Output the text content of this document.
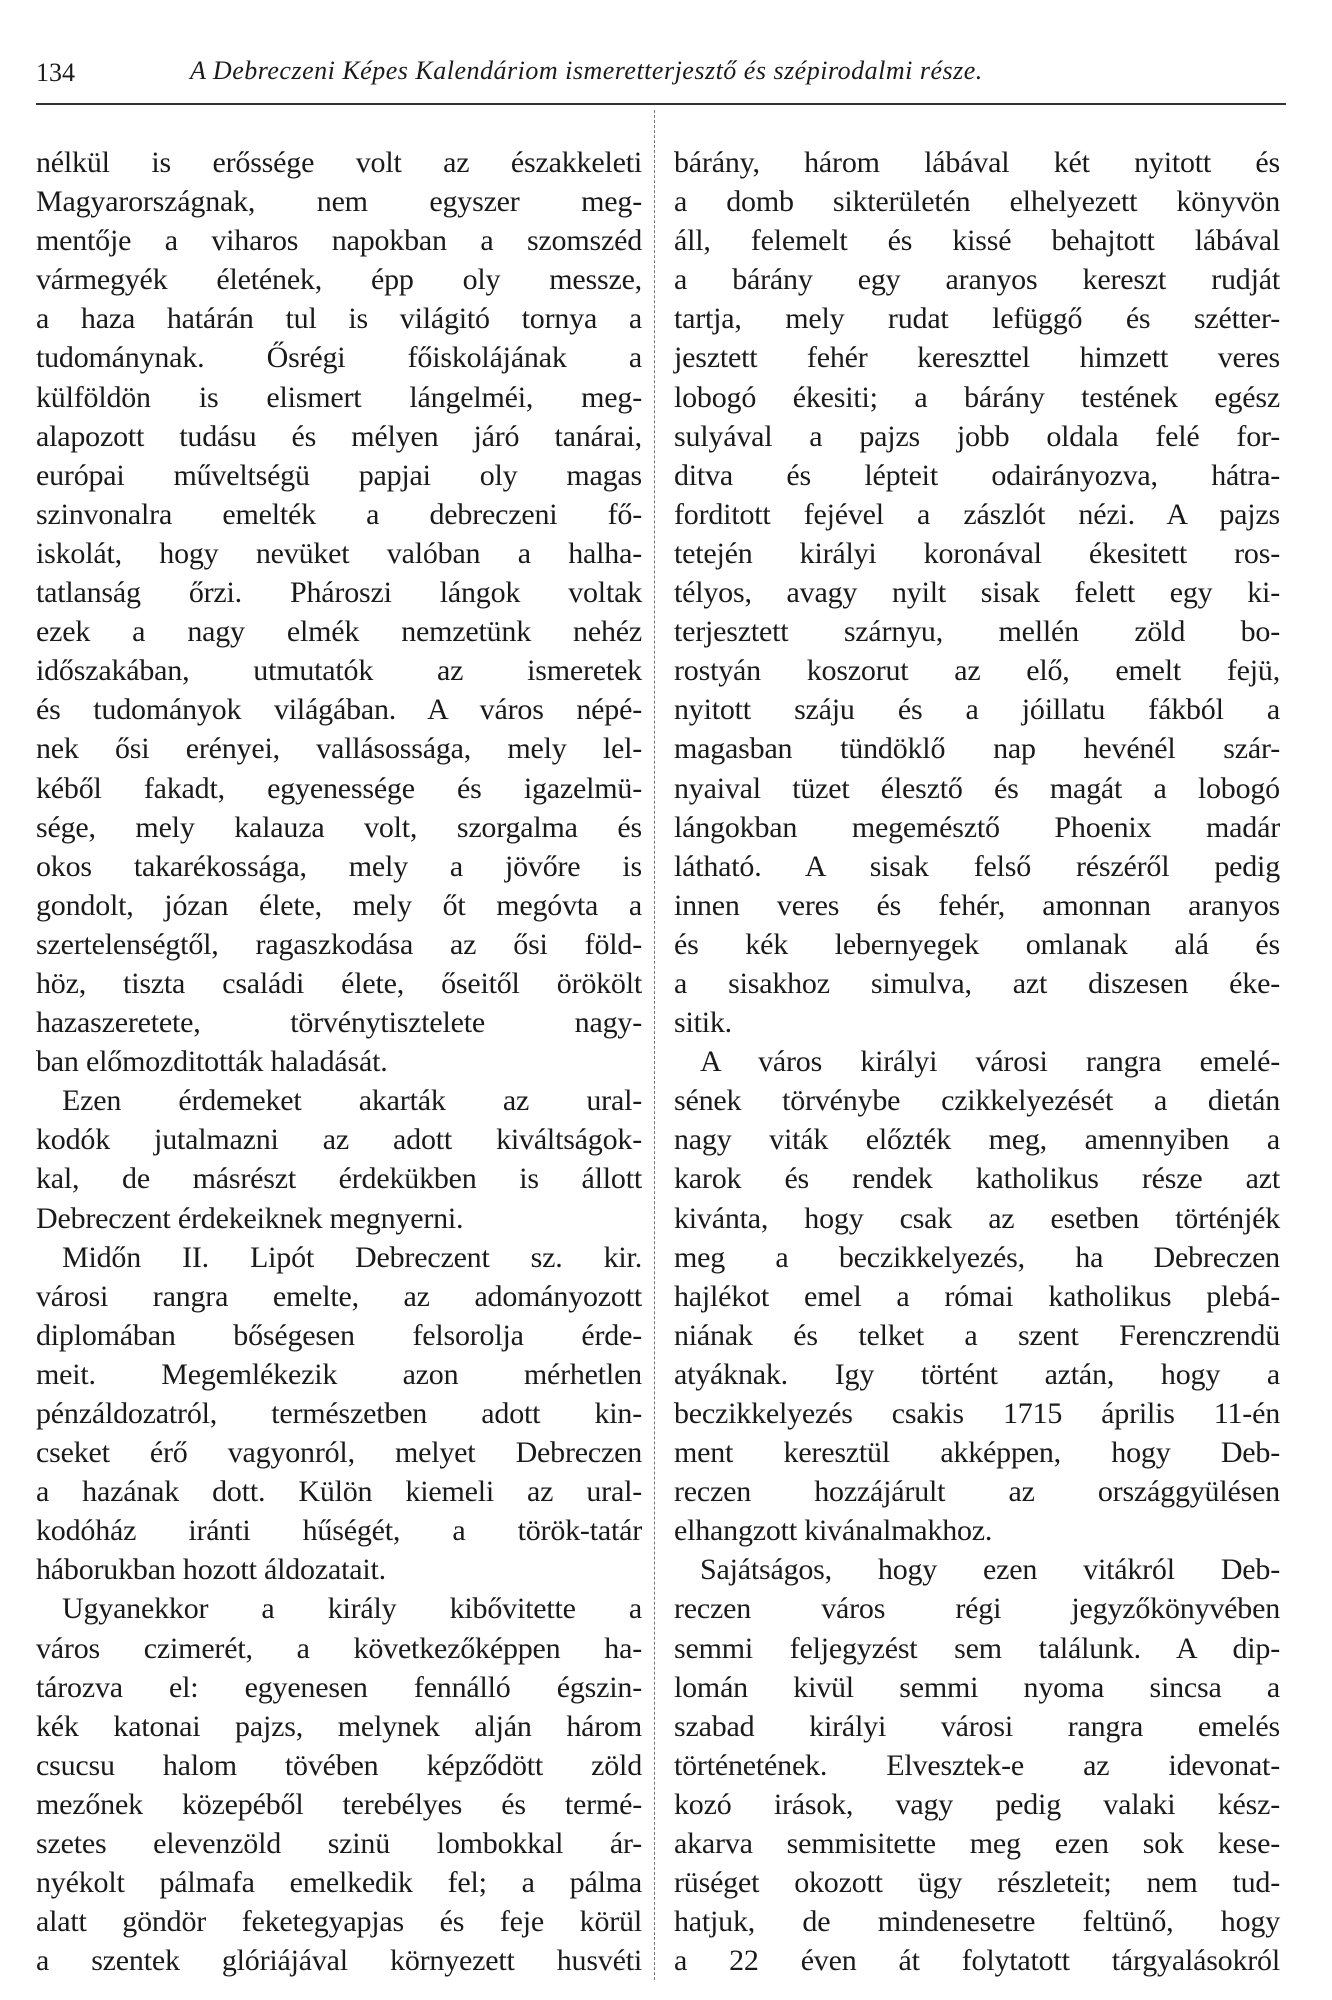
134	A Debreczeni Képes Kalendáriom ismeretterjesztő és szépirodalmi része.
nélkül is erőssége volt az északkeleti
Magyarországnak, nem egyszer meg-
mentője a viharos napokban a szomszéd
vármegyék életének, épp oly messze,
a haza határán tul is világitó tornya a
tudománynak. Ősrégi főiskolájának a
külföldön is elismert lángelméi, meg-
alapozott tudásu és mélyen járó tanárai,
európai műveltségü papjai oly magas
szinvonalra emelték a debreczeni fő-
iskolát, hogy nevüket valóban a halha-
tatlanság őrzi. Phároszi lángok voltak
ezek a nagy elmék nemzetünk nehéz
időszakában, utmutatók az ismeretek
és tudományok világában. A város népé-
nek ősi erényei, vallásossága, mely lel-
kéből fakadt, egyenessége és igazelmü-
sége, mely kalauza volt, szorgalma és
okos takarékossága, mely a jövőre is
gondolt, józan élete, mely őt megóvta a
szertelenségtől, ragaszkodása az ősi föld-
höz, tiszta családi élete, őseitől örökölt
hazaszeretete, törvénytisztelete nagy-
ban előmozditották haladását.
Ezen érdemeket akarták az ural-
kodók jutalmazni az adott kiváltságok-
kal, de másrészt érdekükben is állott
Debreczent érdekeiknek megnyerni.
Midőn II. Lipót Debreczent sz. kir.
városi rangra emelte, az adományozott
diplomában bőségesen felsorolja érde-
meit. Megemlékezik azon mérhetlen
pénzáldozatról, természetben adott kin-
cseket érő vagyonról, melyet Debreczen
a hazának dott. Külön kiemeli az ural-
kodóház iránti hűségét, a török-tatár
háborukban hozott áldozatait.
Ugyanekkor a király kibővitette a
város czimerét, a következőképpen ha-
tározva el: egyenesen fennálló égszin-
kék katonai pajzs, melynek alján három
csucsu halom tövében képződött zöld
mezőnek közepéből terebélyes és termé-
szetes elevenzöld szinü lombokkal ár-
nyékolt pálmafa emelkedik fel; a pálma
alatt göndör feketegyapjas és feje körül
a szentek glóriájával környezett husvéti
bárány, három lábával két nyitott és
a domb sikterületén elhelyezett könyvön
áll, felemelt és kissé behajtott lábával
a bárány egy aranyos kereszt rudját
tartja, mely rudat lefüggő és szétter-
jesztett fehér kereszttel himzett veres
lobogó ékesiti; a bárány testének egész
sulyával a pajzs jobb oldala felé for-
ditva és lépteit odairányozva, hátra-
forditott fejével a zászlót nézi. A pajzs
tetején királyi koronával ékesitett ros-
télyos, avagy nyilt sisak felett egy ki-
terjesztett szárnyu, mellén zöld bo-
rostyán koszorut az elő, emelt fejü,
nyitott száju és a jóillatu fákból a
magasban tündöklő nap hevénél szár-
nyaival tüzet élesztő és magát a lobogó
lángokban megemésztő Phoenix madár
látható. A sisak felső részéről pedig
innen veres és fehér, amonnan aranyos
és kék lebernyegek omlanak alá és
a sisakhoz simulva, azt diszesen éke-
sitik.
A város királyi városi rangra emelé-
sének törvénybe czikkelyezését a dietán
nagy viták előzték meg, amennyiben a
karok és rendek katholikus része azt
kivánta, hogy csak az esetben történjék
meg a beczikkelyezés, ha Debreczen
hajlékot emel a római katholikus plebá-
niának és telket a szent Ferenczrendü
atyáknak. Igy történt aztán, hogy a
beczikkelyezés csakis 1715 április 11-én
ment keresztül akképpen, hogy Deb-
reczen hozzájárult az országgyülésen
elhangzott kivánalmakhoz.
Sajátságos, hogy ezen vitákról Deb-
reczen város régi jegyzőkönyvében
semmi feljegyzést sem találunk. A dip-
lomán kivül semmi nyoma sincsa a
szabad királyi városi rangra emelés
történetének. Elvesztek-e az idevonat-
kozó irások, vagy pedig valaki kész-
akarva semmisitette meg ezen sok kese-
rüséget okozott ügy részleteit; nem tud-
hatjuk, de mindenesetre feltünő, hogy
a 22 éven át folytatott tárgyalásokról
